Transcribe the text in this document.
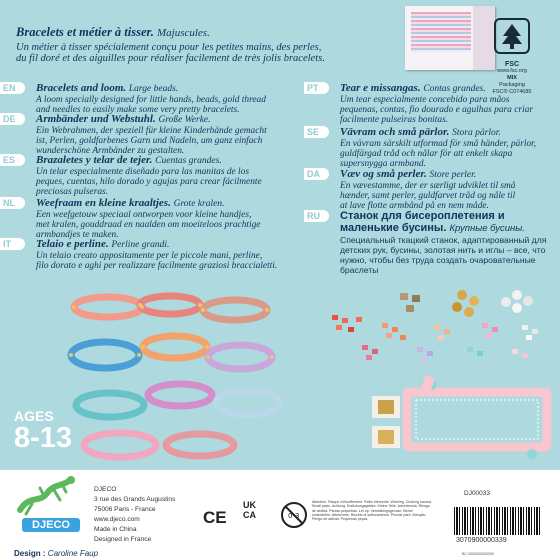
Bracelets et métier à tisser. Majuscules.
Un métier à tisser spécialement conçu pour les petites mains, des perles,
du fil doré et des aiguilles pour réaliser facilement de très jolis bracelets.
FSC
www.fsc.org
MIX
Packaging
FSC® C074685
EN	Bracelets and loom. Large beads.
A loom specially designed for little hands, beads, gold thread
and needles to easily make some very pretty bracelets.
DE	Armbänder und Webstuhl. Große Werke.
Ein Webrahmen, der speziell für kleine Kinderhände gemacht
ist, Perlen, goldfarbenes Garn und Nadeln, um ganz einfach
wunderschöne Armbänder zu gestalten.
ES	Brazaletes y telar de tejer. Cuentas grandes.
Un telar especialmente diseñado para las manitas de los
peques, cuentas, hilo dorado y agujas para crear fácilmente
preciosas pulseras.
NL	Weefraam en kleine kraaltjes. Grote kralen.
Een weefgetouw speciaal ontworpen voor kleine handjes,
met kralen, gouddraad en naalden om moeiteloos prachtige
armbandjes te maken.
IT	Telaio e perline. Perline grandi.
Un telaio creato appositamente per le piccole mani, perline,
filo dorato e aghi per realizzare facilmente graziosi braccialetti.
PT	Tear e missangas. Contas grandes.
Um tear especialmente concebido para mãos
pequenas, contas, fio dourado e agulhas para criar
facilmente pulseiras bonitas.
SE	Vävram och små pärlor. Stora pärlor.
En vävram särskilt utformad för små händer, pärlor,
guldfärgad tråd och nålar för att enkelt skapa
supersnygga armband.
DA	Væv og små perler. Store perler.
En vævestamme, der er særligt udviklet til små
hænder, samt perler, guldfarvet tråd og nåle til
at lave flotte armbånd på en nem måde.
RU	Станок для бисероплетения и
маленькие бусины. Крупные бусины.
Специальный ткацкий станок, адаптированный для
детских рук, бусины, золотая нить и иглы – все, что
нужно, чтобы без труда создать очаровательные
браслеты
AGES
8-13
DJECO
DJECO
3 rue des Grands Augustins
75006 Paris - France
www.djeco.com
Made in China
Designed in France
Design : Caroline Faup
CE
UK
CA	0-3
Attention. Risque d'étouffement. Petits éléments. Warning. Choking hazard. Small parts. Achtung. Erstickungsgefahr. Kleine Teile. Advertencia. Riesgo de asfixia. Piezas pequeñas. Let op. Verstikkingsgevaar. Kleine onderdelen. Attenzione. Rischio di soffocamento. Piccole parti. Atenção. Perigo de asfixia. Pequenas peças.
DJ00033
3070900000339
BC 0000000000000
